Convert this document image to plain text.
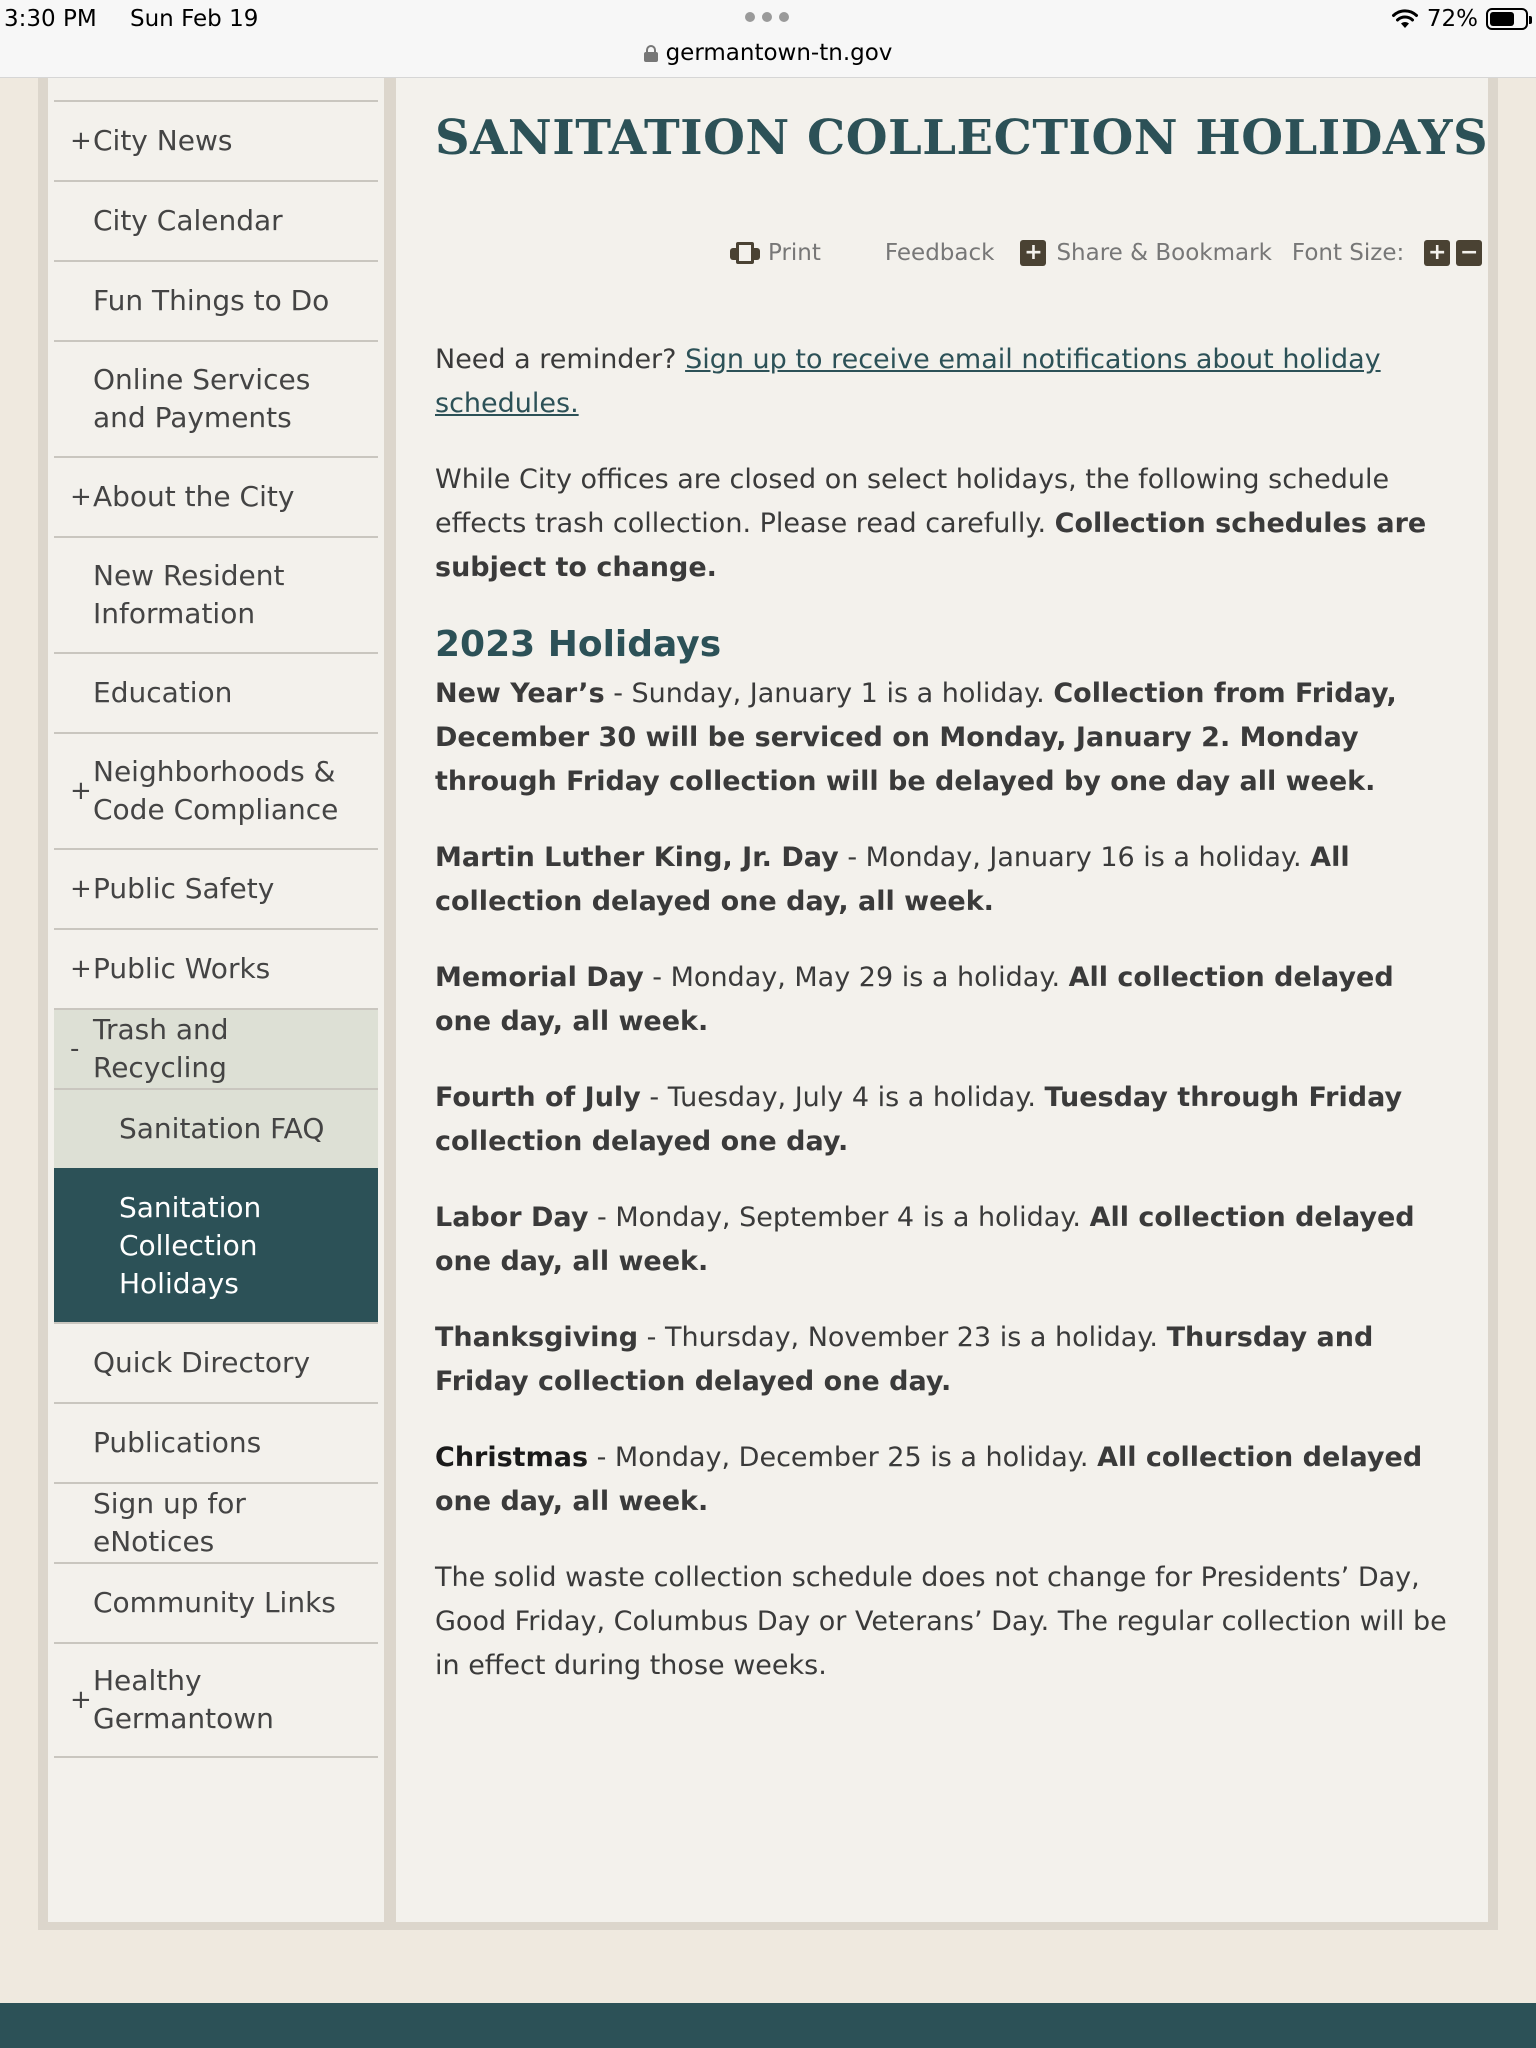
3:30 PM Sun Feb 19
germantown-tn.gov
72%
+ City News
City Calendar
Fun Things to Do
Online Services and Payments
+ About the City
New Resident Information
Education
+
Neighborhoods & Code Compliance
+ Public Safety
+ Public Works
-
Trash and Recycling
Sanitation FAQ
Sanitation Collection Holidays
Quick Directory
Publications
Sign up for eNotices
Community Links
+
Healthy Germantown
SANITATION COLLECTION HOLIDAYS
Print	Feedback + Share & Bookmark Font Size: + −

Need a reminder? Sign up to receive email notifications about holiday schedules.

While City offices are closed on select holidays, the following schedule effects trash collection. Please read carefully. Collection schedules are subject to change.

2023 Holidays

New Year’s - Sunday, January 1 is a holiday. Collection from Friday, December 30 will be serviced on Monday, January 2. Monday through Friday collection will be delayed by one day all week.

Martin Luther King, Jr. Day - Monday, January 16 is a holiday. All collection delayed one day, all week.

Memorial Day - Monday, May 29 is a holiday. All collection delayed one day, all week.

Fourth of July - Tuesday, July 4 is a holiday. Tuesday through Friday collection delayed one day.

Labor Day - Monday, September 4 is a holiday. All collection delayed one day, all week.

Thanksgiving - Thursday, November 23 is a holiday. Thursday and Friday collection delayed one day.

Christmas - Monday, December 25 is a holiday. All collection delayed one day, all week.

The solid waste collection schedule does not change for Presidents’ Day, Good Friday, Columbus Day or Veterans’ Day. The regular collection will be in effect during those weeks.
